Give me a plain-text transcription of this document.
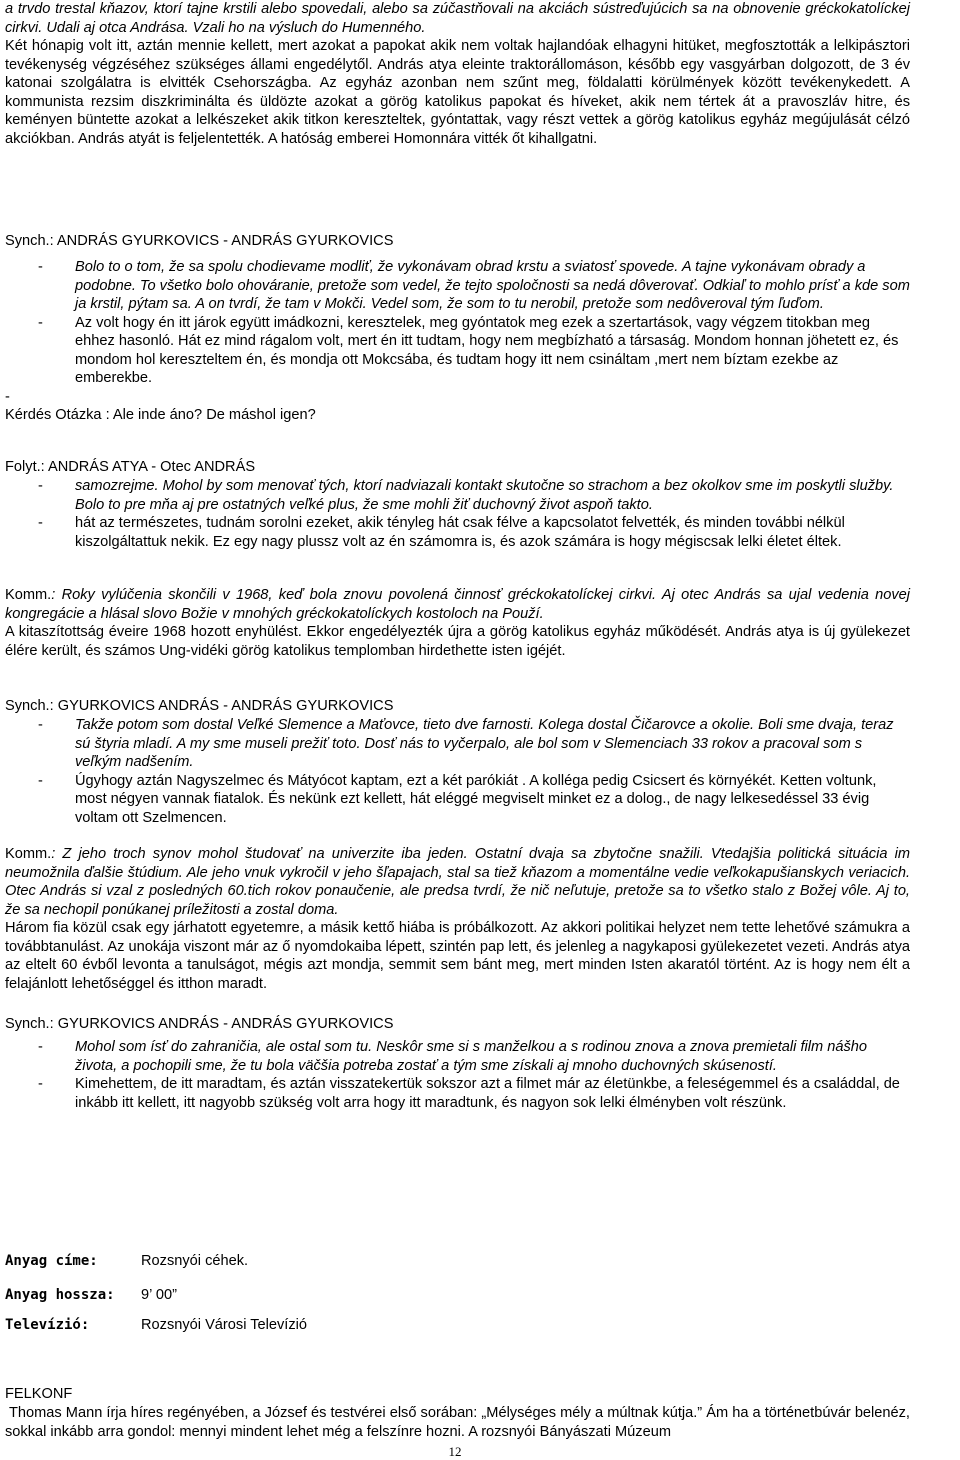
a trvdo trestal kňazov, ktorí tajne krstili alebo spovedali, alebo sa zúčastňovali na akciách sústreďujúcich sa na obnovenie gréckokatolíckej cirkvi. Udali aj otca Andrása. Vzali ho na výsluch do Humenného.

Két hónapig volt itt, aztán mennie kellett, mert azokat a papokat akik nem voltak hajlandóak elhagyni hitüket, megfosztották a lelkipásztori tevékenység végzéséhez szükséges állami engedélytől. András atya eleinte traktorállomáson, később egy vasgyárban dolgozott, de 3 év katonai szolgálatra is elvitték Csehországba. Az egyház azonban nem szűnt meg, földalatti körülmények között tevékenykedett. A kommunista rezsim diszkriminálta és üldözte azokat a görög katolikus papokat és híveket, akik nem tértek át a pravoszláv hitre, és keményen büntette azokat a lelkészeket akik titkon kereszteltek, gyóntattak, vagy részt vettek a görög katolikus egyház megújulását célzó akciókban. András atyát is feljelentették. A hatóság emberei Homonnára vitték őt kihallgatni.

Synch.: ANDRÁS GYURKOVICS - ANDRÁS GYURKOVICS

- Bolo to o tom, že sa spolu chodievame modliť, že vykonávam obrad krstu a sviatosť spovede. A tajne vykonávam obrady a podobne. To všetko bolo ohováranie, pretože som vedel, že tejto spoločnosti sa nedá dôverovať. Odkiaľ to mohlo prísť a kde som ja krstil, pýtam sa. A on tvrdí, že tam v Mokči. Vedel som, že som to tu nerobil, pretože som nedôveroval tým ľuďom.
- Az volt hogy én itt járok együtt imádkozni, keresztelek, meg gyóntatok meg ezek a szertartások, vagy végzem titokban meg ehhez hasonló. Hát ez mind rágalom volt, mert én itt tudtam, hogy nem megbízható a társaság. Mondom honnan jöhetett ez, és mondom hol kereszteltem én, és mondja ott Mokcsába, és tudtam hogy itt nem csináltam ,mert nem bíztam ezekbe az emberekbe.
-

Kérdés Otázka : Ale inde áno? De máshol igen?

Folyt.: ANDRÁS ATYA - Otec ANDRÁS

- samozrejme. Mohol by som menovať tých, ktorí nadviazali kontakt skutočne so strachom a bez okolkov sme im poskytli služby. Bolo to pre mňa aj pre ostatných veľké plus, že sme mohli žiť duchovný život aspoň takto.
- hát az természetes, tudnám sorolni ezeket, akik tényleg hát csak félve a kapcsolatot felvették, és minden további nélkül kiszolgáltattuk nekik. Ez egy nagy plussz volt az én számomra is, és azok számára is hogy mégiscsak lelki életet éltek.

Komm.: Roky vylúčenia skončili v 1968, keď bola znovu povolená činnosť gréckokatolíckej cirkvi. Aj otec András sa ujal vedenia novej kongregácie a hlásal slovo Božie v mnohých gréckokatolíckych kostoloch na Použí.

A kitaszítottság éveire 1968 hozott enyhülést. Ekkor engedélyezték újra a görög katolikus egyház működését. András atya is új gyülekezet élére került, és számos Ung-vidéki görög katolikus templomban hirdethette isten igéjét.

Synch.: GYURKOVICS ANDRÁS - ANDRÁS GYURKOVICS

- Takže potom som dostal Veľké Slemence a Maťovce, tieto dve farnosti. Kolega dostal Čičarovce a okolie. Boli sme dvaja, teraz sú štyria mladí. A my sme museli prežiť toto. Dosť nás to vyčerpalo, ale bol som v Slemenciach 33 rokov a pracoval som s veľkým nadšením.
- Úgyhogy aztán Nagyszelmec és Mátyócot kaptam, ezt a két parókiát . A kolléga pedig Csicsert és környékét. Ketten voltunk, most négyen vannak fiatalok. És nekünk ezt kellett, hát eléggé megviselt minket ez a dolog., de nagy lelkesedéssel 33 évig voltam ott Szelmencen.

Komm.: Z jeho troch synov mohol študovať na univerzite iba jeden. Ostatní dvaja sa zbytočne snažili. Vtedajšia politická situácia im neumožnila ďalšie štúdium. Ale jeho vnuk vykročil v jeho šľapajach, stal sa tiež kňazom a momentálne vedie veľkokapušianskych veriacich. Otec András si vzal z posledných 60.tich rokov ponaučenie, ale predsa tvrdí, že nič neľutuje, pretože sa to všetko stalo z Božej vôle. Aj to, že sa nechopil ponúkanej príležitosti a zostal doma.

Három fia közül csak egy járhatott egyetemre, a másik kettő hiába is próbálkozott. Az akkori politikai helyzet nem tette lehetővé számukra a továbbtanulást. Az unokája viszont már az ő nyomdokaiba lépett, szintén pap lett, és jelenleg a nagykaposi gyülekezetet vezeti. András atya az eltelt 60 évből levonta a tanulságot, mégis azt mondja, semmit sem bánt meg, mert minden Isten akaratól történt. Az is hogy nem élt a felajánlott lehetőséggel és itthon maradt.

Synch.: GYURKOVICS ANDRÁS - ANDRÁS GYURKOVICS

- Mohol som ísť do zahraničia, ale ostal som tu. Neskôr sme si s manželkou a s rodinou znova a znova premietali film nášho života, a pochopili sme, že tu bola väčšia potreba zostať a tým sme získali aj mnoho duchovných skúseností.
- Kimehettem, de itt maradtam, és aztán visszatekertük sokszor azt a filmet már az életünkbe, a feleségemmel és a családdal, de inkább itt kellett, itt nagyobb szükség volt arra hogy itt maradtunk, és nagyon sok lelki élményben volt részünk.
Anyag címe:	Rozsnyói céhek.
Anyag hossza: 9’ 00”
Televízió:	Rozsnyói Városi Televízió

FELKONF

Thomas Mann írja híres regényében, a József és testvérei első sorában: „Mélységes mély a múltnak kútja.” Ám ha a történetbúvár belenéz, sokkal inkább arra gondol: mennyi mindent lehet még a felszínre hozni. A rozsnyói Bányászati Múzeum

12
